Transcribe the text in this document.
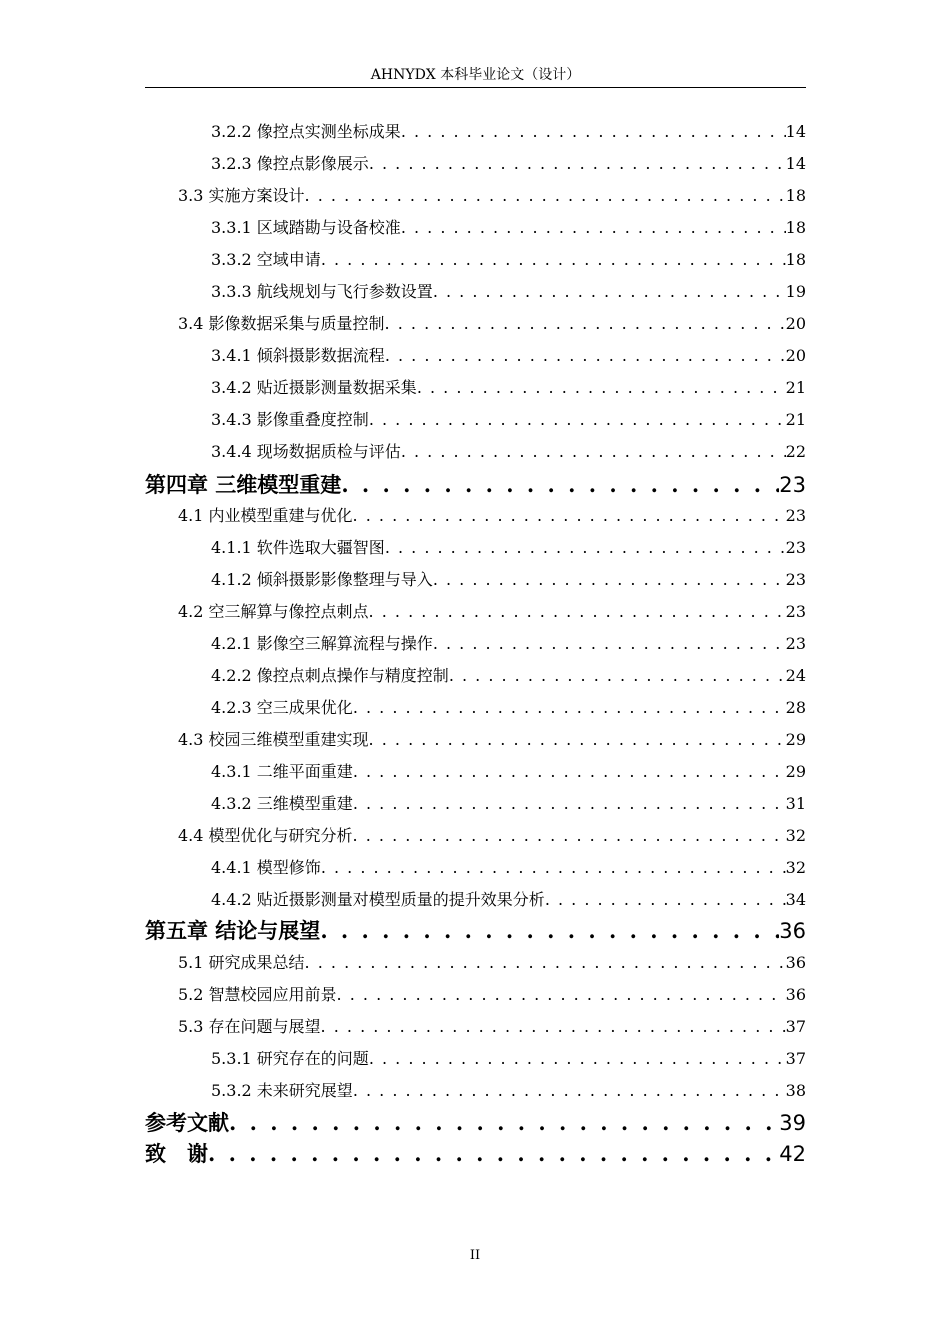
AHNYDX 本科毕业论文（设计）
3.2.2 像控点实测坐标成果 . . .	14
3.2.3 像控点影像展示 . . .	14
3.3 实施方案设计 . . .	18
3.3.1 区域踏勘与设备校准 . . .	18
3.3.2 空域申请 . . .	18
3.3.3 航线规划与飞行参数设置 . . .	19
3.4 影像数据采集与质量控制 . . .	20
3.4.1 倾斜摄影数据流程 . . .	20
3.4.2 贴近摄影测量数据采集 . . .	21
3.4.3 影像重叠度控制 . . .	21
3.4.4 现场数据质检与评估 . . .	22
第四章 三维模型重建 . . .	23
4.1 内业模型重建与优化 . . .	23
4.1.1 软件选取大疆智图 . . .	23
4.1.2 倾斜摄影影像整理与导入 . . .	23
4.2 空三解算与像控点刺点 . . .	23
4.2.1 影像空三解算流程与操作 . . .	23
4.2.2 像控点刺点操作与精度控制 . . .	24
4.2.3 空三成果优化 . . .	28
4.3 校园三维模型重建实现 . . .	29
4.3.1 二维平面重建 . . .	29
4.3.2 三维模型重建 . . .	31
4.4 模型优化与研究分析 . . .	32
4.4.1 模型修饰 . . .	32
4.4.2 贴近摄影测量对模型质量的提升效果分析 . . .	34
第五章 结论与展望 . . .	36
5.1 研究成果总结 . . .	36
5.2 智慧校园应用前景 . . .	36
5.3 存在问题与展望 . . .	37
5.3.1 研究存在的问题 . . .	37
5.3.2 未来研究展望 . . .	38
参考文献 . . .	39
致　谢 . . .	42
II
